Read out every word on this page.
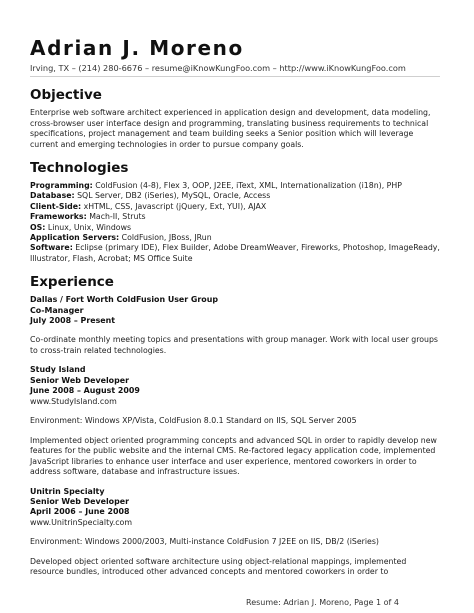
Adrian J. Moreno
Irving, TX – (214) 280-6676 – resume@iKnowKungFoo.com – http://www.iKnowKungFoo.com
Objective

Enterprise web software architect experienced in application design and development, data modeling, cross-browser user interface design and programming, translating business requirements to technical specifications, project management and team building seeks a Senior position which will leverage current and emerging technologies in order to pursue company goals.

Technologies

Programming: ColdFusion (4-8), Flex 3, OOP, J2EE, iText, XML, Internationalization (i18n), PHP

Database: SQL Server, DB2 (iSeries), MySQL, Oracle, Access

Client-Side: xHTML, CSS, Javascript (jQuery, Ext, YUI), AJAX

Frameworks: Mach-II, Struts

OS: Linux, Unix, Windows

Application Servers: ColdFusion, JBoss, JRun

Software: Eclipse (primary IDE), Flex Builder, Adobe DreamWeaver, Fireworks, Photoshop, ImageReady, Illustrator, Flash, Acrobat; MS Office Suite

Experience

Dallas / Fort Worth ColdFusion User Group

Co-Manager

July 2008 – Present

Co-ordinate monthly meeting topics and presentations with group manager. Work with local user groups to cross-train related technologies.

Study Island

Senior Web Developer

June 2008 – August 2009

www.StudyIsland.com

Environment: Windows XP/Vista, ColdFusion 8.0.1 Standard on IIS, SQL Server 2005

Implemented object oriented programming concepts and advanced SQL in order to rapidly develop new features for the public website and the internal CMS. Re-factored legacy application code, implemented JavaScript libraries to enhance user interface and user experience, mentored coworkers in order to address software, database and infrastructure issues.

Unitrin Specialty

Senior Web Developer

April 2006 – June 2008

www.UnitrinSpecialty.com

Environment: Windows 2000/2003, Multi-instance ColdFusion 7 J2EE on IIS, DB/2 (iSeries)

Developed object oriented software architecture using object-relational mappings, implemented resource bundles, introduced other advanced concepts and mentored coworkers in order to

Resume: Adrian J. Moreno, Page 1 of 4
